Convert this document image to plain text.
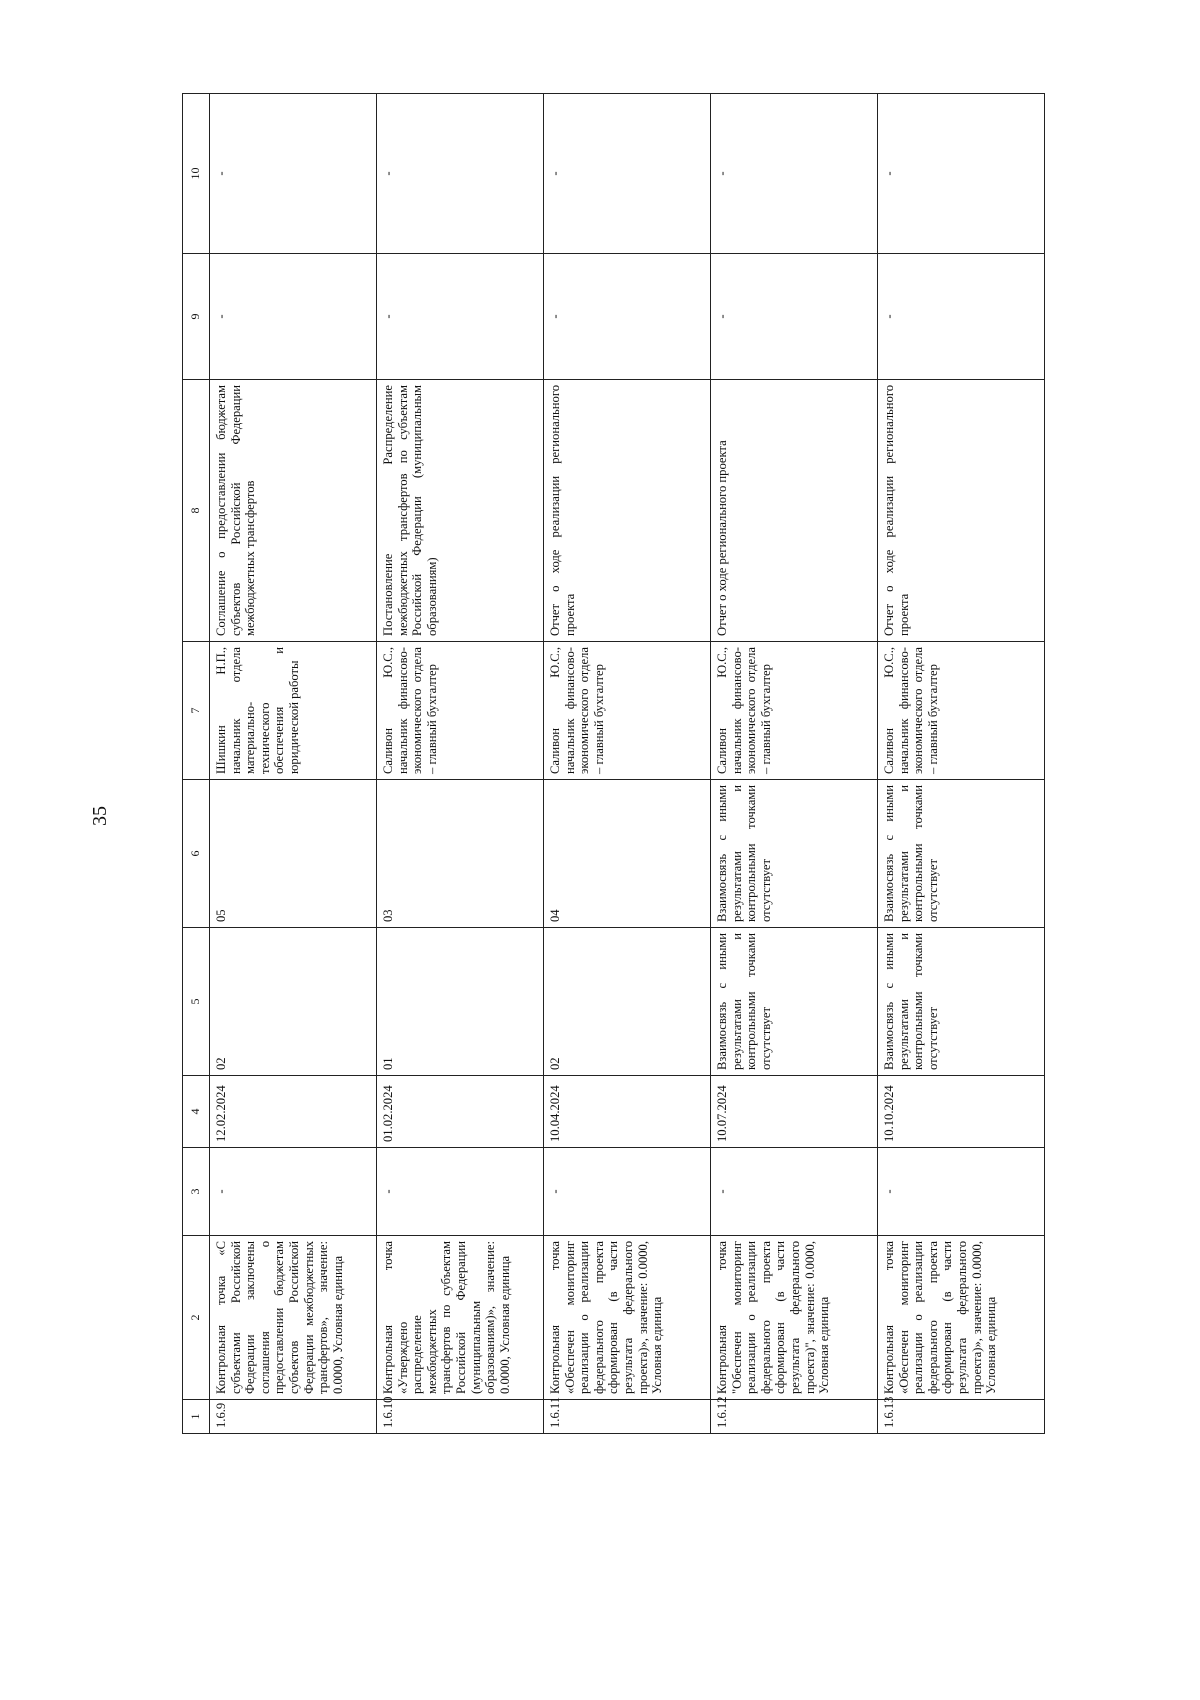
35
1	2	3	4	5	6	7	8	9	10
1.6.9	Контрольная точка «С субъектами Российской Федерации заключены соглашения о предоставлении бюджетам субъектов Российской Федерации межбюджетных трансфертов», значение: 0.0000, Условная единица	-	12.02.2024	02	05	Шишкин Н.П., начальник отдела материально-технического обеспечения и юридической работы	Соглашение о предоставлении бюджетам субъектов Российской Федерации межбюджетных трансфертов	-	-
1.6.10	Контрольная точка «Утверждено распределение межбюджетных трансфертов по субъектам Российской Федерации (муниципальным образованиям)», значение: 0.0000, Условная единица	-	01.02.2024	01	03	Саливон Ю.С., начальник финансово-экономического отдела – главный бухгалтер	Постановление Распределение межбюджетных трансфертов по субъектам Российской Федерации (муниципальным образованиям)	-	-
1.6.11	Контрольная точка «Обеспечен мониторинг реализации о реализации федерального проекта сформирован (в части результата федерального проекта)», значение: 0.0000, Условная единица	-	10.04.2024	02	04	Саливон Ю.С., начальник финансово-экономического отдела – главный бухгалтер	Отчет о ходе реализации регионального проекта	-	-
1.6.12	Контрольная точка "Обеспечен мониторинг реализации о реализации федерального проекта сформирован (в части результата федерального проекта)", значение: 0.0000, Условная единица	-	10.07.2024	Взаимосвязь с иными результатами и контрольными точками отсутствует	Взаимосвязь с иными результатами и контрольными точками отсутствует	Саливон Ю.С., начальник финансово-экономического отдела – главный бухгалтер	Отчет о ходе регионального проекта	-	-
1.6.13	Контрольная точка «Обеспечен мониторинг реализации о реализации федерального проекта сформирован (в части результата федерального проекта)», значение: 0.0000, Условная единица	-	10.10.2024	Взаимосвязь с иными результатами и контрольными точками отсутствует	Взаимосвязь с иными результатами и контрольными точками отсутствует	Саливон Ю.С., начальник финансово-экономического отдела – главный бухгалтер	Отчет о ходе реализации регионального проекта	-	-
